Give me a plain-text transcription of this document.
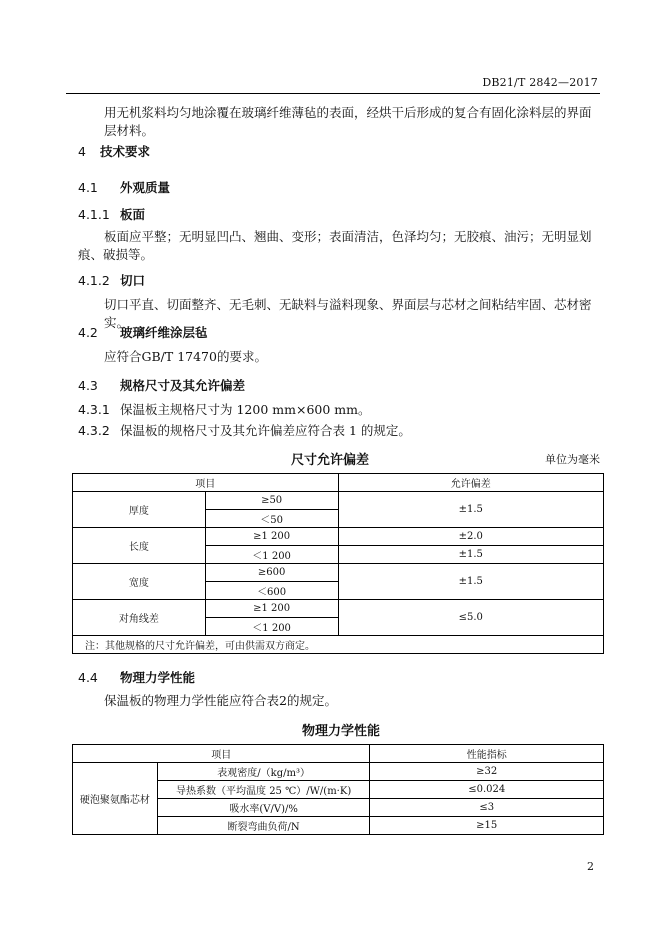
DB21/T 2842—2017
用无机浆料均匀地涂覆在玻璃纤维薄毡的表面，经烘干后形成的复合有固化涂料层的界面层材料。
4 技术要求
4.1 外观质量
4.1.1 板面
板面应平整；无明显凹凸、翘曲、变形；表面清洁，色泽均匀；无胶痕、油污；无明显划痕、破损等。
4.1.2 切口
切口平直、切面整齐、无毛刺、无缺料与溢料现象、界面层与芯材之间粘结牢固、芯材密实。
4.2 玻璃纤维涂层毡
应符合GB/T 17470的要求。
4.3 规格尺寸及其允许偏差
4.3.1 保温板主规格尺寸为 1200 mm×600 mm。
4.3.2 保温板的规格尺寸及其允许偏差应符合表 1 的规定。
尺寸允许偏差	单位为毫米
项目		允许偏差
厚度	≥50	±1.5
	＜50	
长度	≥1 200	±2.0
	＜1 200	±1.5
宽度	≥600	±1.5
	＜600	
对角线差	≥1 200	≤5.0
	＜1 200	
注：其他规格的尺寸允许偏差，可由供需双方商定。		
4.4 物理力学性能
保温板的物理力学性能应符合表2的规定。
物理力学性能
项目		性能指标
硬泡聚氨酯芯材	表观密度/（kg/m³）	≥32
	导热系数（平均温度 25 ℃）/W/(m·K)	≤0.024
	吸水率(V/V)/%	≤3
	断裂弯曲负荷/N	≥15
2
